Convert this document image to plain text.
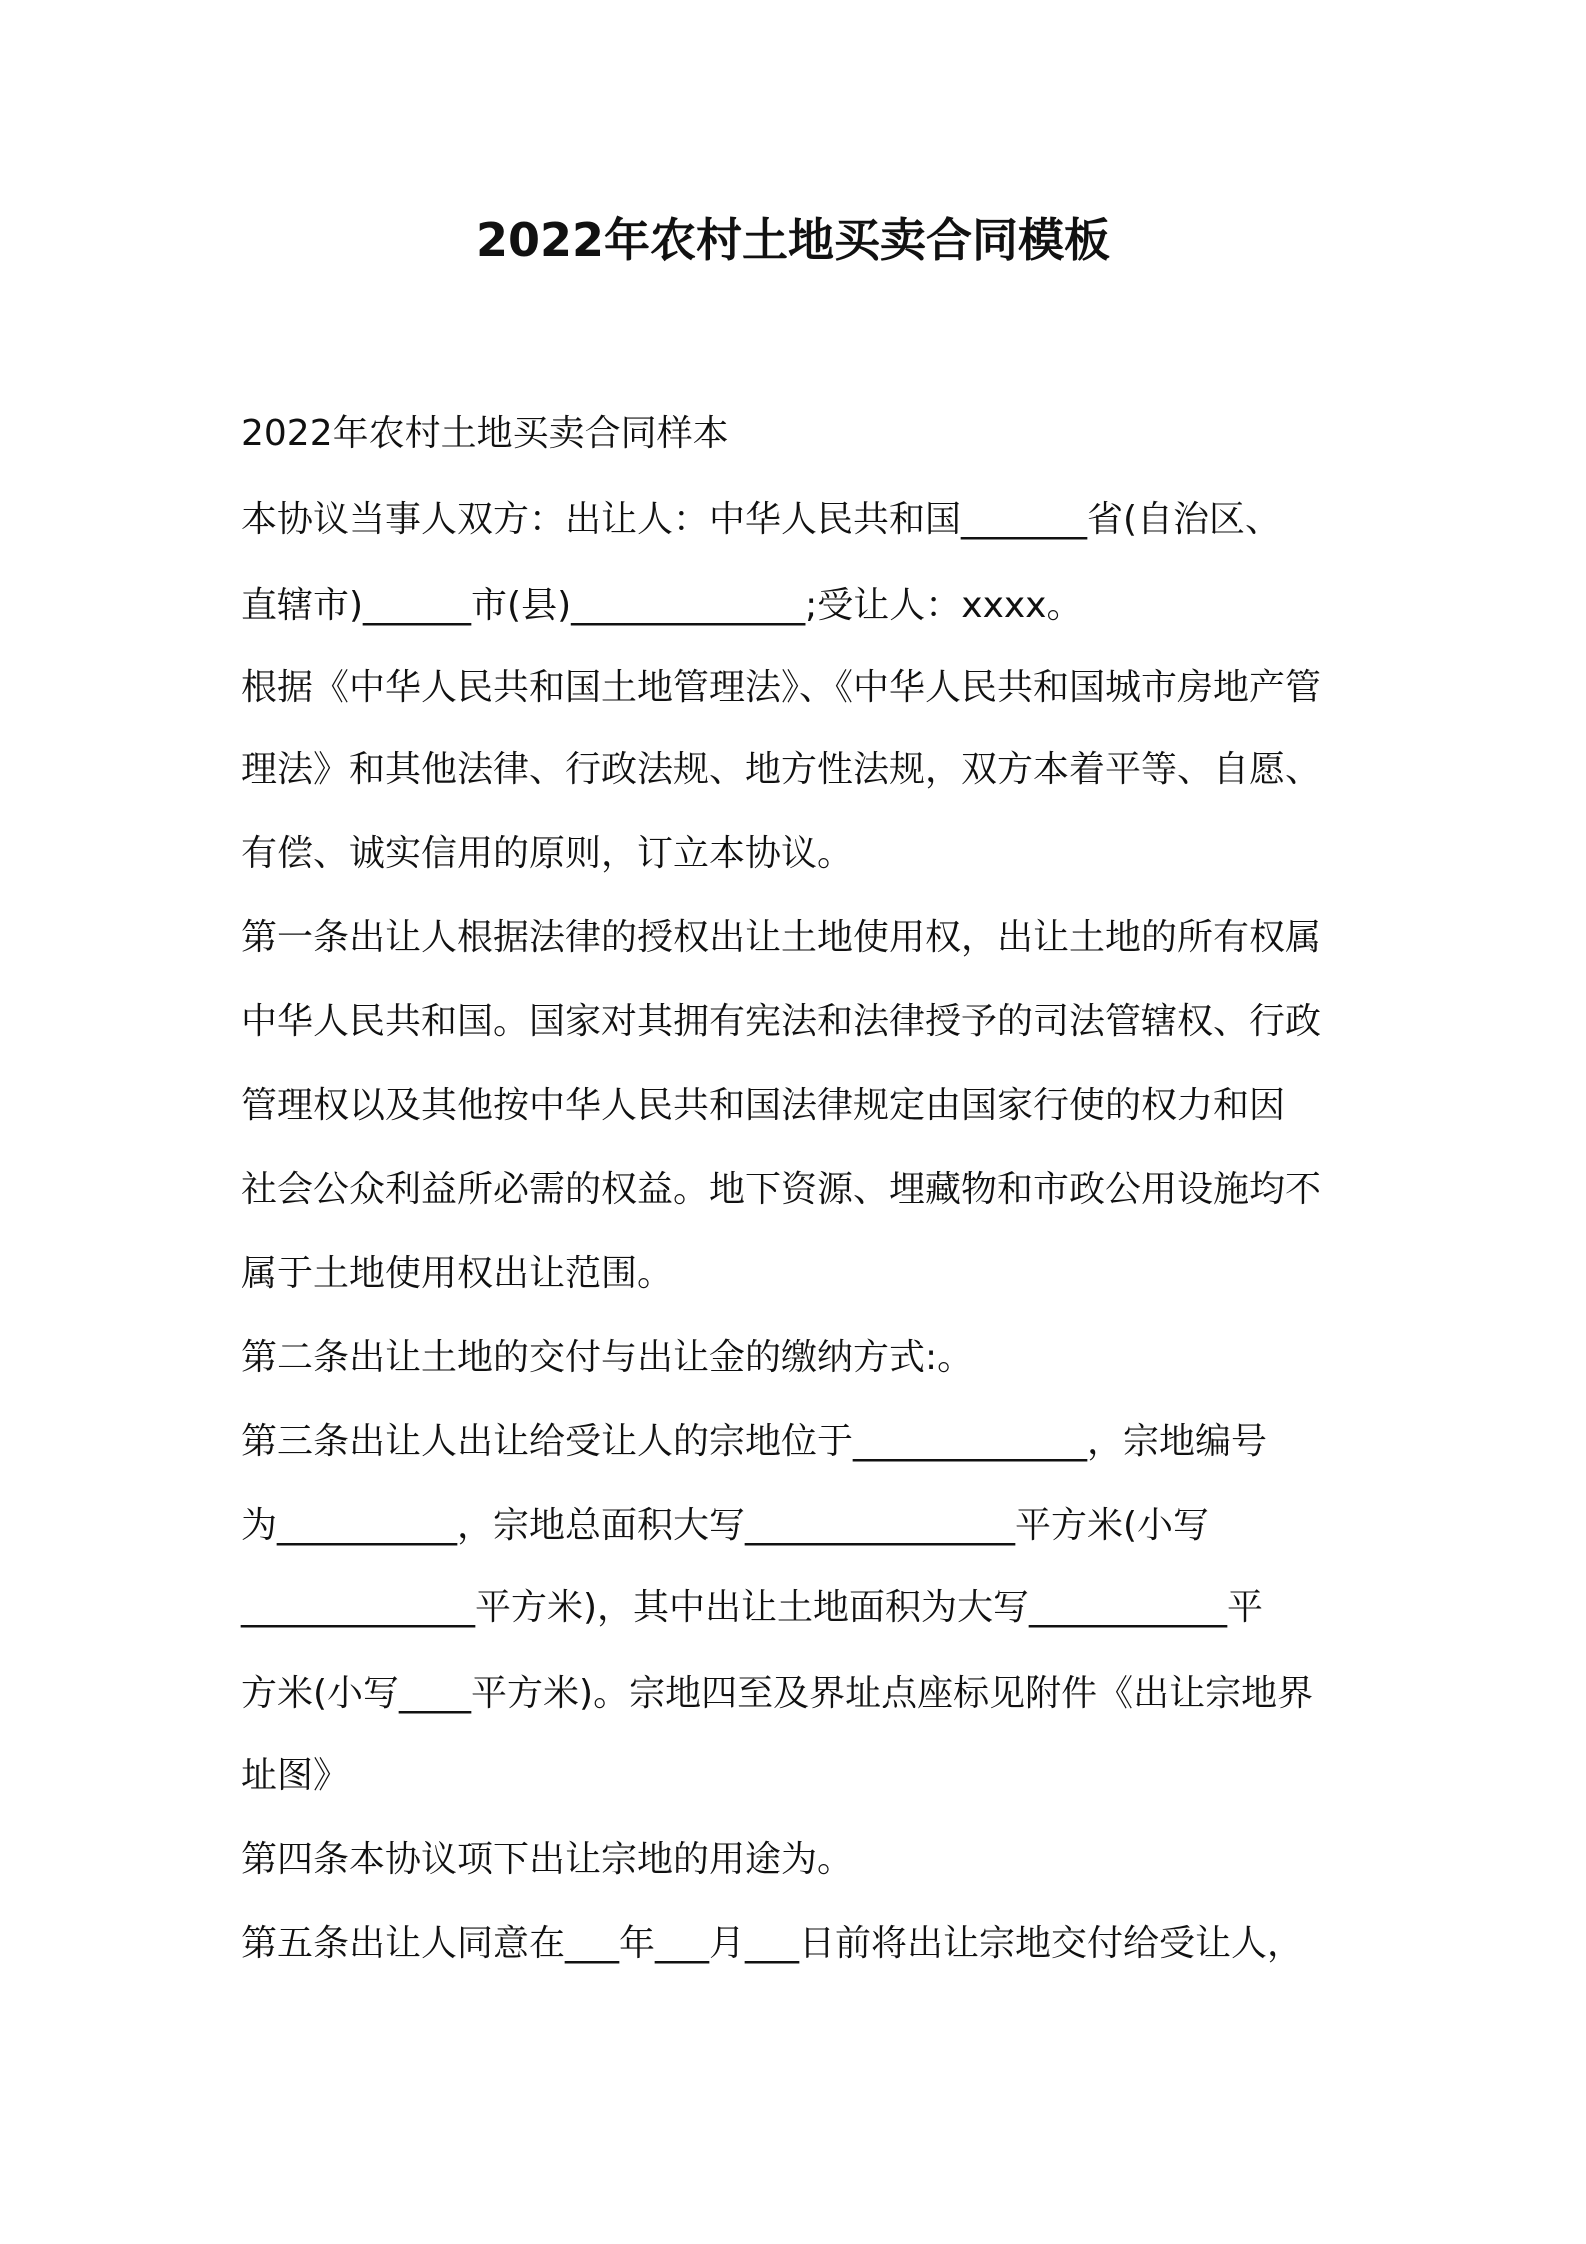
2022年农村土地买卖合同模板
2022年农村土地买卖合同样本
本协议当事人双方：出让人：中华人民共和国_______省(自治区、
直辖市)______市(县)_____________;受让人：xxxx。
根据《中华人民共和国土地管理法》、《中华人民共和国城市房地产管
理法》和其他法律、行政法规、地方性法规，双方本着平等、自愿、
有偿、诚实信用的原则，订立本协议。
第一条出让人根据法律的授权出让土地使用权，出让土地的所有权属
中华人民共和国。国家对其拥有宪法和法律授予的司法管辖权、行政
管理权以及其他按中华人民共和国法律规定由国家行使的权力和因
社会公众利益所必需的权益。地下资源、埋藏物和市政公用设施均不
属于土地使用权出让范围。
第二条出让土地的交付与出让金的缴纳方式:。
第三条出让人出让给受让人的宗地位于_____________，宗地编号
为__________，宗地总面积大写_______________平方米(小写
_____________平方米)，其中出让土地面积为大写___________平
方米(小写____平方米)。宗地四至及界址点座标见附件《出让宗地界
址图》
第四条本协议项下出让宗地的用途为。
第五条出让人同意在___年___月___日前将出让宗地交付给受让人，
